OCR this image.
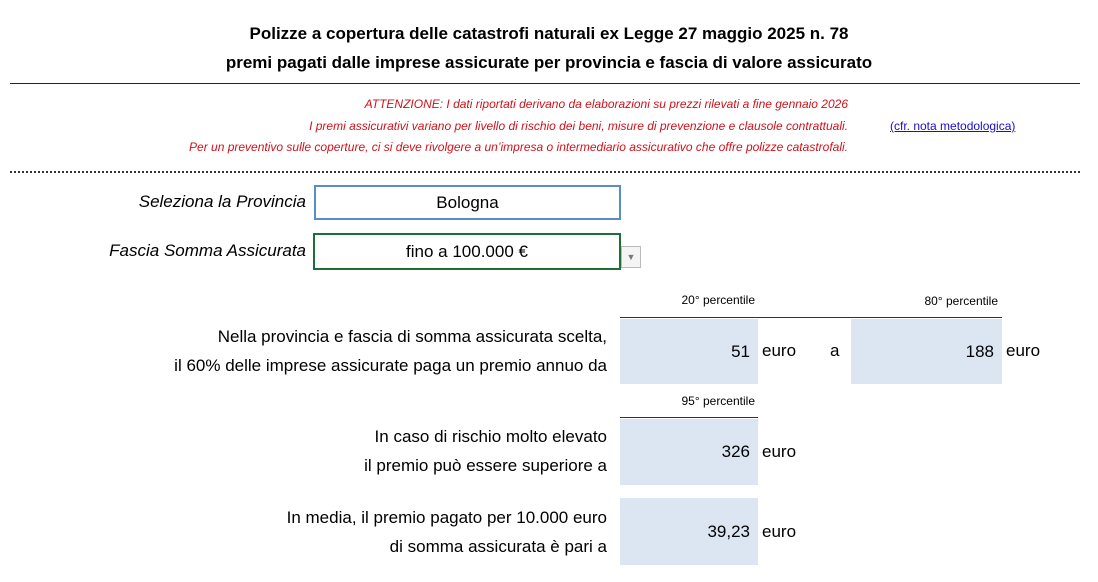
Polizze a copertura delle catastrofi naturali ex Legge 27 maggio 2025 n. 78
premi pagati dalle imprese assicurate per provincia e fascia di valore assicurato
ATTENZIONE: I dati riportati derivano da elaborazioni su prezzi rilevati a fine gennaio 2026
I premi assicurativi variano per livello di rischio dei beni, misure di prevenzione e clausole contrattuali.
Per un preventivo sulle coperture, ci si deve rivolgere a un’impresa o intermediario assicurativo che offre polizze catastrofali.
(cfr. nota metodologica)
Seleziona la Provincia	Bologna
Fascia Somma Assicurata	fino a 100.000 €	▼
20° percentile	80° percentile
Nella provincia e fascia di somma assicurata scelta,
il 60% delle imprese assicurate paga un premio annuo da
51 euro a	188 euro
95° percentile
In caso di rischio molto elevato
il premio può essere superiore a
326 euro
In media, il premio pagato per 10.000 euro
di somma assicurata è pari a
39,23 euro
